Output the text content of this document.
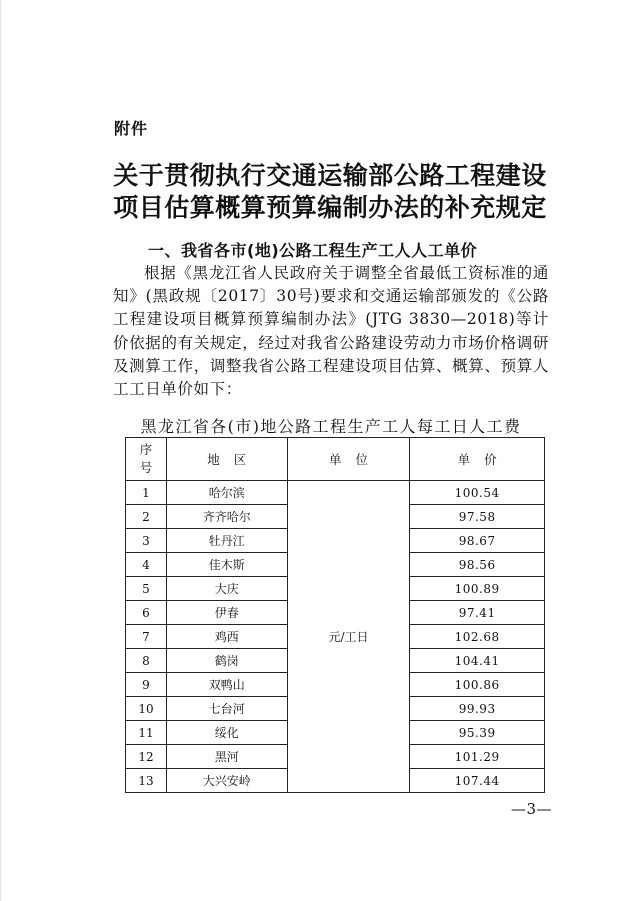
附件
关于贯彻执行交通运输部公路工程建设
项目估算概算预算编制办法的补充规定
一、我省各市(地)公路工程生产工人人工单价

根据《黑龙江省人民政府关于调整全省最低工资标准的通知》(黑政规〔2017〕30号)要求和交通运输部颁发的《公路工程建设项目概算预算编制办法》(JTG 3830—2018)等计价依据的有关规定，经过对我省公路建设劳动力市场价格调研及测算工作，调整我省公路工程建设项目估算、概算、预算人工工日单价如下：

黑龙江省各(市)地公路工程生产工人每工日人工费
序
号	地区	单位	单价
1	哈尔滨	元/工日	100.54
2	齐齐哈尔		97.58
3	牡丹江		98.67
4	佳木斯		98.56
5	大庆		100.89
6	伊春		97.41
7	鸡西		102.68
8	鹤岗		104.41
9	双鸭山		100.86
10	七台河		99.93
11	绥化		95.39
12	黑河		101.29
13	大兴安岭		107.44
—3—
